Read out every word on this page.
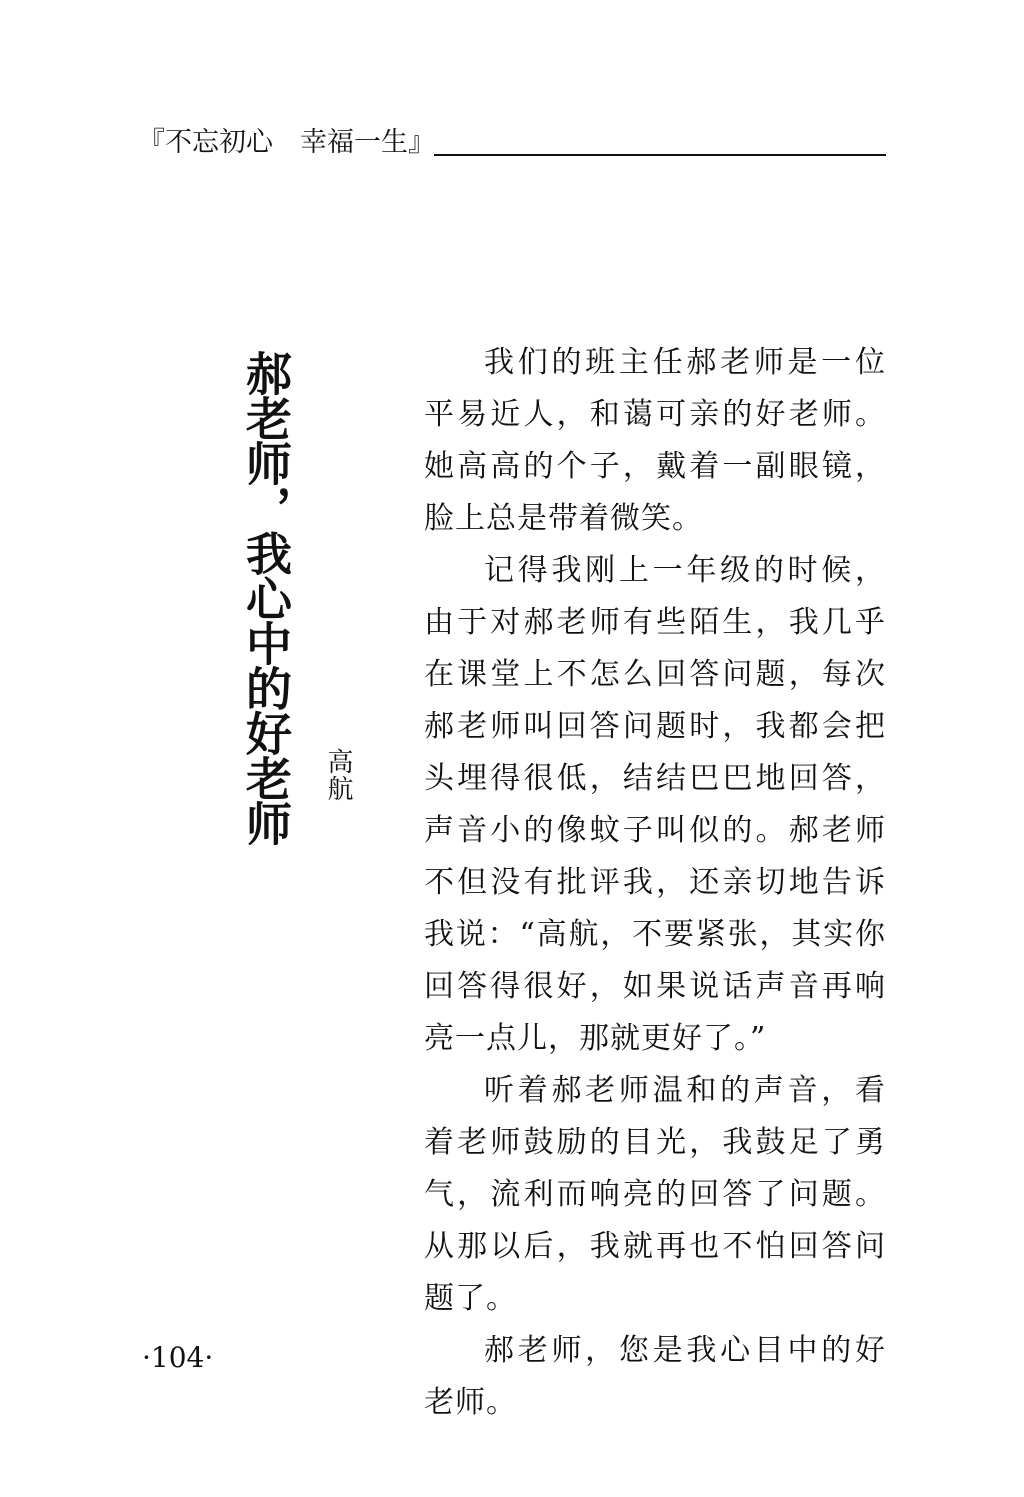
『不忘初心　幸福一生』
郝老师，我心中的好老师 高航

我们的班主任郝老师是一位平易近人，和蔼可亲的好老师。她高高的个子，戴着一副眼镜，脸上总是带着微笑。

记得我刚上一年级的时候，由于对郝老师有些陌生，我几乎在课堂上不怎么回答问题，每次郝老师叫回答问题时，我都会把头埋得很低，结结巴巴地回答，声音小的像蚊子叫似的。郝老师不但没有批评我，还亲切地告诉我说：“高航，不要紧张，其实你回答得很好，如果说话声音再响亮一点儿，那就更好了。”

听着郝老师温和的声音，看着老师鼓励的目光，我鼓足了勇气，流利而响亮的回答了问题。从那以后，我就再也不怕回答问题了。

郝老师，您是我心目中的好老师。

·104·
